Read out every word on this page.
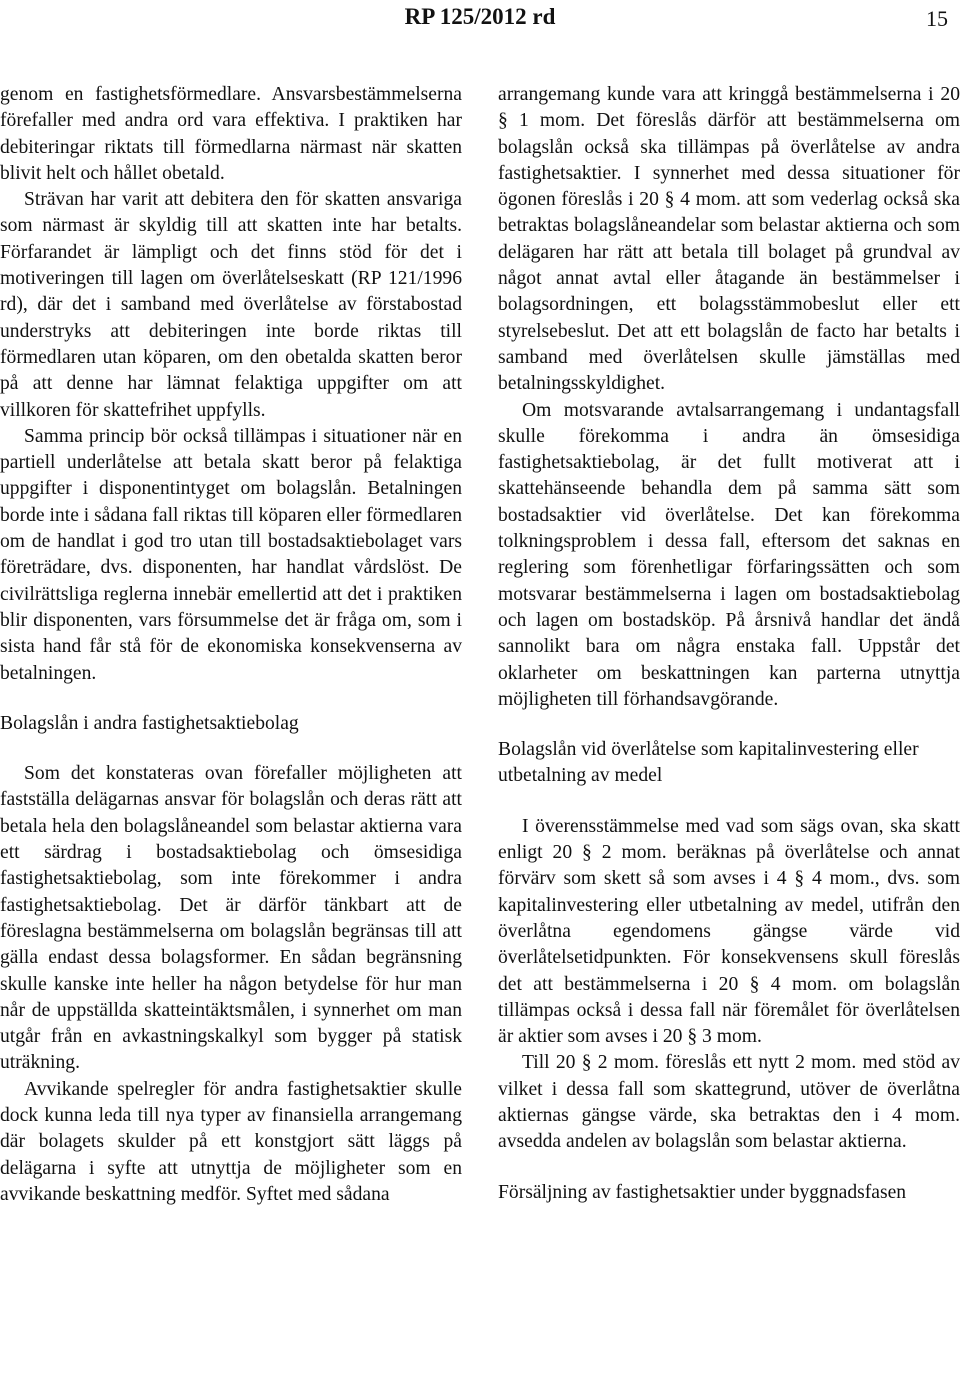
RP 125/2012 rd	15

genom en fastighetsförmedlare. Ansvarsbestämmelserna förefaller med andra ord vara effektiva. I praktiken har debiteringar riktats till förmedlarna närmast när skatten blivit helt och hållet obetald.

Strävan har varit att debitera den för skatten ansvariga som närmast är skyldig till att skatten inte har betalts. Förfarandet är lämpligt och det finns stöd för det i motiveringen till lagen om överlåtelseskatt (RP 121/1996 rd), där det i samband med överlåtelse av förstabostad understryks att debiteringen inte borde riktas till förmedlaren utan köparen, om den obetalda skatten beror på att denne har lämnat felaktiga uppgifter om att villkoren för skattefrihet uppfylls.

Samma princip bör också tillämpas i situationer när en partiell underlåtelse att betala skatt beror på felaktiga uppgifter i disponentintyget om bolagslån. Betalningen borde inte i sådana fall riktas till köparen eller förmedlaren om de handlat i god tro utan till bostadsaktiebolaget vars företrädare, dvs. disponenten, har handlat vårdslöst. De civilrättsliga reglerna innebär emellertid att det i praktiken blir disponenten, vars försummelse det är fråga om, som i sista hand får stå för de ekonomiska konsekvenserna av betalningen.

Bolagslån i andra fastighetsaktiebolag

Som det konstateras ovan förefaller möjligheten att fastställa delägarnas ansvar för bolagslån och deras rätt att betala hela den bolagslåneandel som belastar aktierna vara ett särdrag i bostadsaktiebolag och ömsesidiga fastighetsaktiebolag, som inte förekommer i andra fastighetsaktiebolag. Det är därför tänkbart att de föreslagna bestämmelserna om bolagslån begränsas till att gälla endast dessa bolagsformer. En sådan begränsning skulle kanske inte heller ha någon betydelse för hur man når de uppställda skatteintäktsmålen, i synnerhet om man utgår från en avkastningskalkyl som bygger på statisk uträkning.

Avvikande spelregler för andra fastighetsaktier skulle dock kunna leda till nya typer av finansiella arrangemang där bolagets skulder på ett konstgjort sätt läggs på delägarna i syfte att utnyttja de möjligheter som en avvikande beskattning medför. Syftet med sådana

arrangemang kunde vara att kringgå bestämmelserna i 20 § 1 mom. Det föreslås därför att bestämmelserna om bolagslån också ska tillämpas på överlåtelse av andra fastighetsaktier. I synnerhet med dessa situationer för ögonen föreslås i 20 § 4 mom. att som vederlag också ska betraktas bolagslåneandelar som belastar aktierna och som delägaren har rätt att betala till bolaget på grundval av något annat avtal eller åtagande än bestämmelser i bolagsordningen, ett bolagsstämmobeslut eller ett styrelsebeslut. Det att ett bolagslån de facto har betalts i samband med överlåtelsen skulle jämställas med betalningsskyldighet.

Om motsvarande avtalsarrangemang i undantagsfall skulle förekomma i andra än ömsesidiga fastighetsaktiebolag, är det fullt motiverat att i skattehänseende behandla dem på samma sätt som bostadsaktier vid överlåtelse. Det kan förekomma tolkningsproblem i dessa fall, eftersom det saknas en reglering som förenhetligar förfaringssätten och som motsvarar bestämmelserna i lagen om bostadsaktiebolag och lagen om bostadsköp. På årsnivå handlar det ändå sannolikt bara om några enstaka fall. Uppstår det oklarheter om beskattningen kan parterna utnyttja möjligheten till förhandsavgörande.

Bolagslån vid överlåtelse som kapitalinvestering eller utbetalning av medel

I överensstämmelse med vad som sägs ovan, ska skatt enligt 20 § 2 mom. beräknas på överlåtelse och annat förvärv som skett så som avses i 4 § 4 mom., dvs. som kapitalinvestering eller utbetalning av medel, utifrån den överlåtna egendomens gängse värde vid överlåtelsetidpunkten. För konsekvensens skull föreslås det att bestämmelserna i 20 § 4 mom. om bolagslån tillämpas också i dessa fall när föremålet för överlåtelsen är aktier som avses i 20 § 3 mom.

Till 20 § 2 mom. föreslås ett nytt 2 mom. med stöd av vilket i dessa fall som skattegrund, utöver de överlåtna aktiernas gängse värde, ska betraktas den i 4 mom. avsedda andelen av bolagslån som belastar aktierna.

Försäljning av fastighetsaktier under byggnadsfasen
